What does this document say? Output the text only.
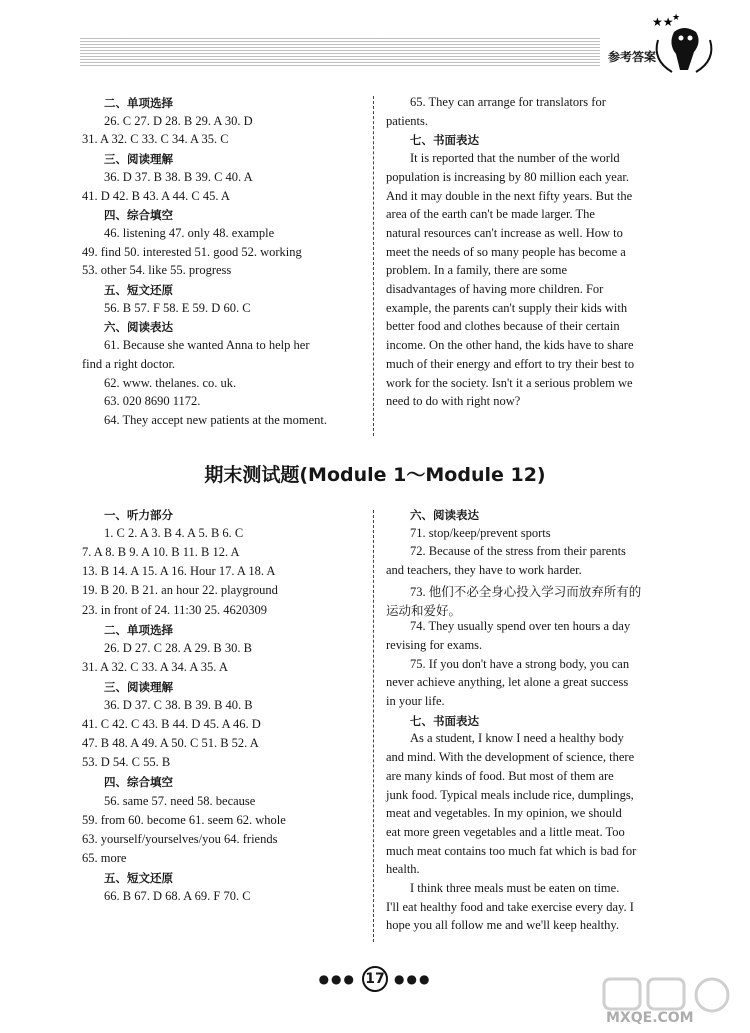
参考答案
★★
★
二、单项选择
26. C 27. D 28. B 29. A 30. D
31. A 32. C 33. C 34. A 35. C
三、阅读理解
36. D 37. B 38. B 39. C 40. A
41. D 42. B 43. A 44. C 45. A
四、综合填空
46. listening 47. only 48. example
49. find 50. interested 51. good 52. working
53. other 54. like 55. progress
五、短文还原
56. B 57. F 58. E 59. D 60. C
六、阅读表达
61. Because she wanted Anna to help her
find a right doctor.
62. www. thelanes. co. uk.
63. 020 8690 1172.
64. They accept new patients at the moment.
65. They can arrange for translators for
patients.
七、书面表达
It is reported that the number of the world
population is increasing by 80 million each year.
And it may double in the next fifty years. But the
area of the earth can't be made larger. The
natural resources can't increase as well. How to
meet the needs of so many people has become a
problem. In a family, there are some
disadvantages of having more children. For
example, the parents can't supply their kids with
better food and clothes because of their certain
income. On the other hand, the kids have to share
much of their energy and effort to try their best to
work for the society. Isn't it a serious problem we
need to do with right now?
期末测试题(Module 1～Module 12)
一、听力部分
1. C 2. A 3. B 4. A 5. B 6. C
7. A 8. B 9. A 10. B 11. B 12. A
13. B 14. A 15. A 16. Hour 17. A 18. A
19. B 20. B 21. an hour 22. playground
23. in front of 24. 11:30 25. 4620309
二、单项选择
26. D 27. C 28. A 29. B 30. B
31. A 32. C 33. A 34. A 35. A
三、阅读理解
36. D 37. C 38. B 39. B 40. B
41. C 42. C 43. B 44. D 45. A 46. D
47. B 48. A 49. A 50. C 51. B 52. A
53. D 54. C 55. B
四、综合填空
56. same 57. need 58. because
59. from 60. become 61. seem 62. whole
63. yourself/yourselves/you 64. friends
65. more
五、短文还原
66. B 67. D 68. A 69. F 70. C
六、阅读表达
71. stop/keep/prevent sports
72. Because of the stress from their parents
and teachers, they have to work harder.
73. 他们不必全身心投入学习而放弃所有的
运动和爱好。
74. They usually spend over ten hours a day
revising for exams.
75. If you don't have a strong body, you can
never achieve anything, let alone a great success
in your life.
七、书面表达
As a student, I know I need a healthy body
and mind. With the development of science, there
are many kinds of food. But most of them are
junk food. Typical meals include rice, dumplings,
meat and vegetables. In my opinion, we should
eat more green vegetables and a little meat. Too
much meat contains too much fat which is bad for
health.
I think three meals must be eaten on time.
I'll eat healthy food and take exercise every day. I
hope you all follow me and we'll keep healthy.
●●● 17 ●●●
MXQE.COM
